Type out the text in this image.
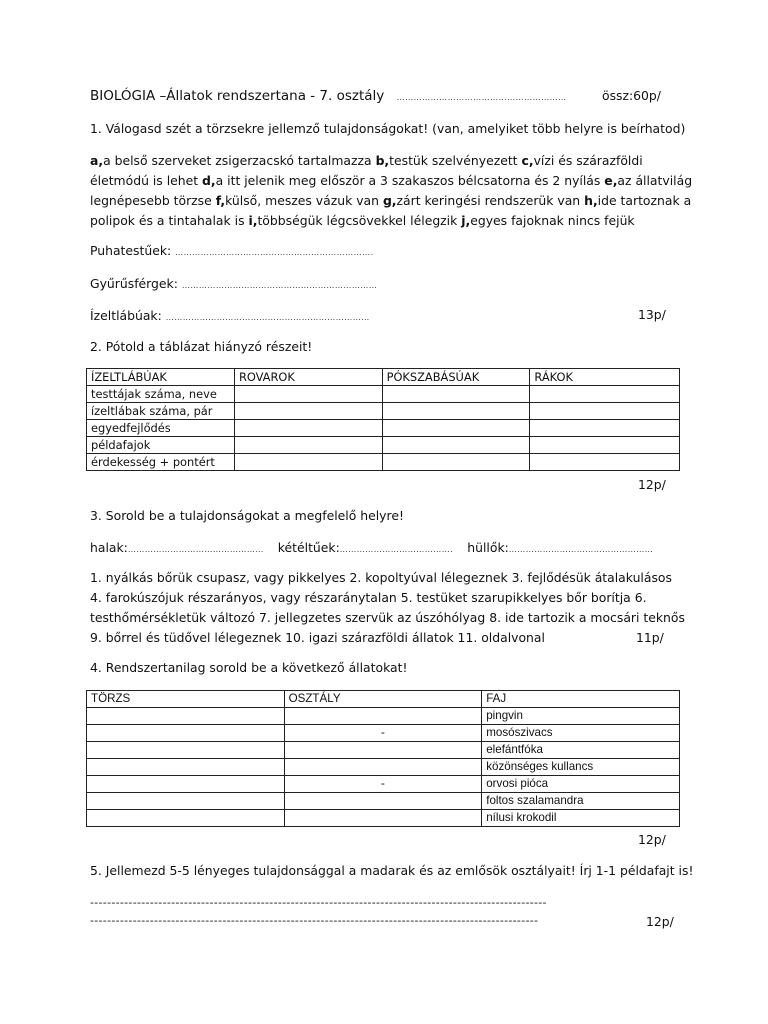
BIOLÓGIA –Állatok rendszertana - 7. osztály ……………………………………………………	össz:60p/
1. Válogasd szét a törzsekre jellemző tulajdonságokat! (van, amelyiket több helyre is beírhatod)
a,a belső szerveket zsigerzacskó tartalmazza b,testük szelvényezett c,vízi és szárazföldi
életmódú is lehet d,a itt jelenik meg először a 3 szakaszos bélcsatorna és 2 nyílás e,az állatvilág
legnépesebb törzse f,külső, meszes vázuk van g,zárt keringési rendszerük van h,ide tartoznak a
polipok és a tintahalak is i,többségük légcsövekkel lélegzik j,egyes fajoknak nincs fejük
Puhatestűek: …………………………………………………………….
Gyűrűsférgek: ……………………………………………………………
Ízeltlábúak: ………………………………………………………………	13p/
2. Pótold a táblázat hiányzó részeit!
ÍZELTLÁBÚAK	ROVAROK	PÓKSZABÁSÚAK	RÁKOK
testtájak száma, neve			
ízeltlábak száma, pár			
egyedfejlődés			
példafajok			
érdekesség + pontért			
12p/
3. Sorold be a tulajdonságokat a megfelelő helyre!
halak:………………………………………… kétéltűek:…………………………………. hüllők:……………………………………………
1. nyálkás bőrük csupasz, vagy pikkelyes 2. kopoltyúval lélegeznek 3. fejlődésük átalakulásos
4. farokúszójuk részarányos, vagy részaránytalan 5. testüket szarupikkelyes bőr borítja 6.
testhőmérsékletük változó 7. jellegzetes szervük az úszóhólyag 8. ide tartozik a mocsári teknős
9. bőrrel és tüdővel lélegeznek 10. igazi szárazföldi állatok 11. oldalvonal	11p/
4. Rendszertanilag sorold be a következő állatokat!
TÖRZS	OSZTÁLY	FAJ
		pingvin
	-	mosószivacs
		elefántfóka
		közönséges kullancs
	-	orvosi pióca
		foltos szalamandra
		nílusi krokodil
12p/
5. Jellemezd 5-5 lényeges tulajdonsággal a madarak és az emlősök osztályait! Írj 1-1 példafajt is!
-----------------------------------------------------------------------------------------------------------
---------------------------------------------------------------------------------------------------------	12p/
